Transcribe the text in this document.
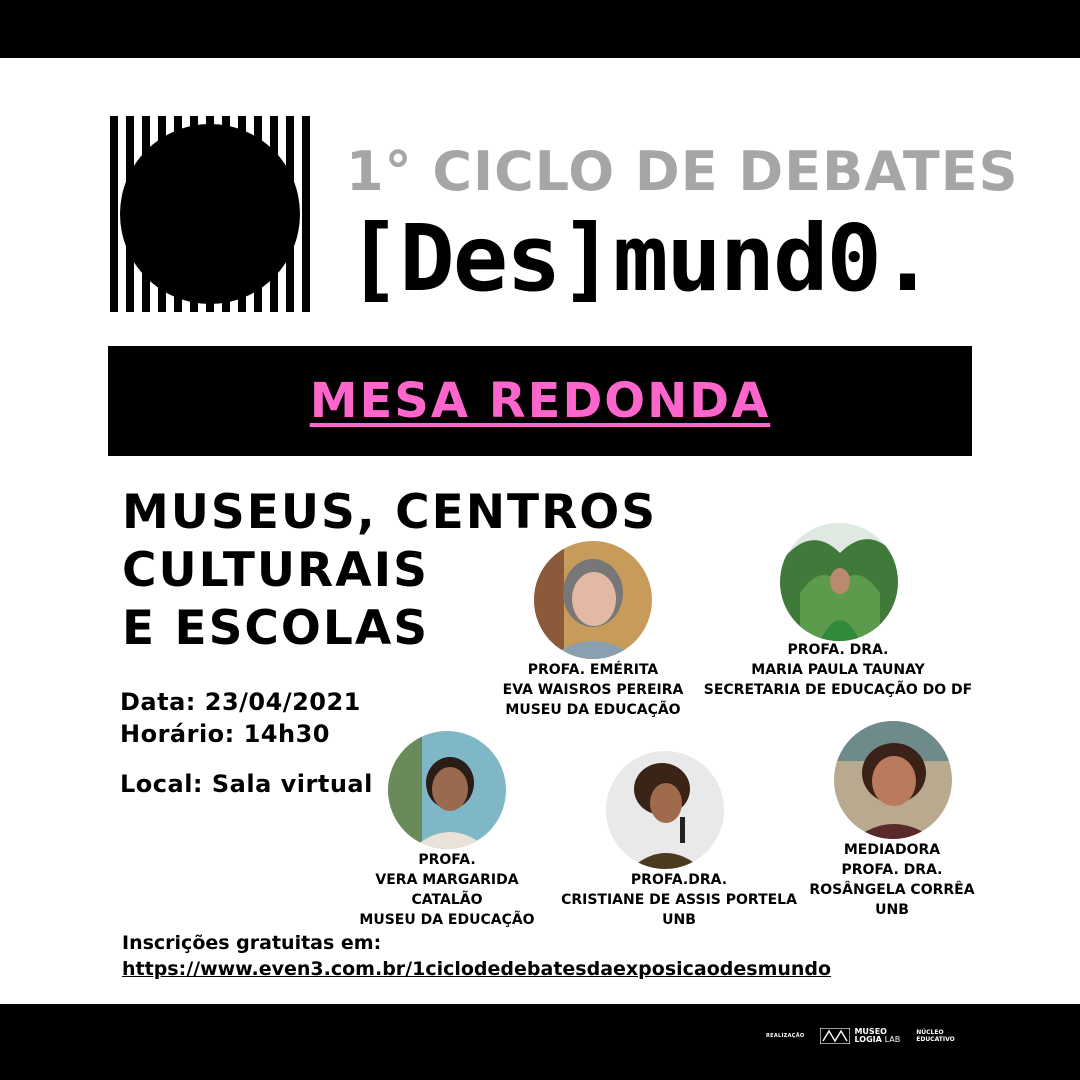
1° CICLO DE DEBATES
[Des]mund0.
MESA REDONDA
MUSEUS, CENTROS
CULTURAIS
E ESCOLAS
Data: 23/04/2021
Horário: 14h30
Local: Sala virtual
PROFA. EMÉRITA
EVA WAISROS PEREIRA
MUSEU DA EDUCAÇÃO
PROFA. DRA.
MARIA PAULA TAUNAY
SECRETARIA DE EDUCAÇÃO DO DF
PROFA.
VERA MARGARIDA
CATALÃO
MUSEU DA EDUCAÇÃO
PROFA.DRA.
CRISTIANE DE ASSIS PORTELA
UNB
MEDIADORA
PROFA. DRA.
ROSÂNGELA CORRÊA
UNB
Inscrições gratuitas em:
https://www.even3.com.br/1ciclodedebatesdaexposicaodesmundo
REALIZAÇÃO	MUSEO
LOGIA LAB
NÚCLEO
EDUCATIVO
